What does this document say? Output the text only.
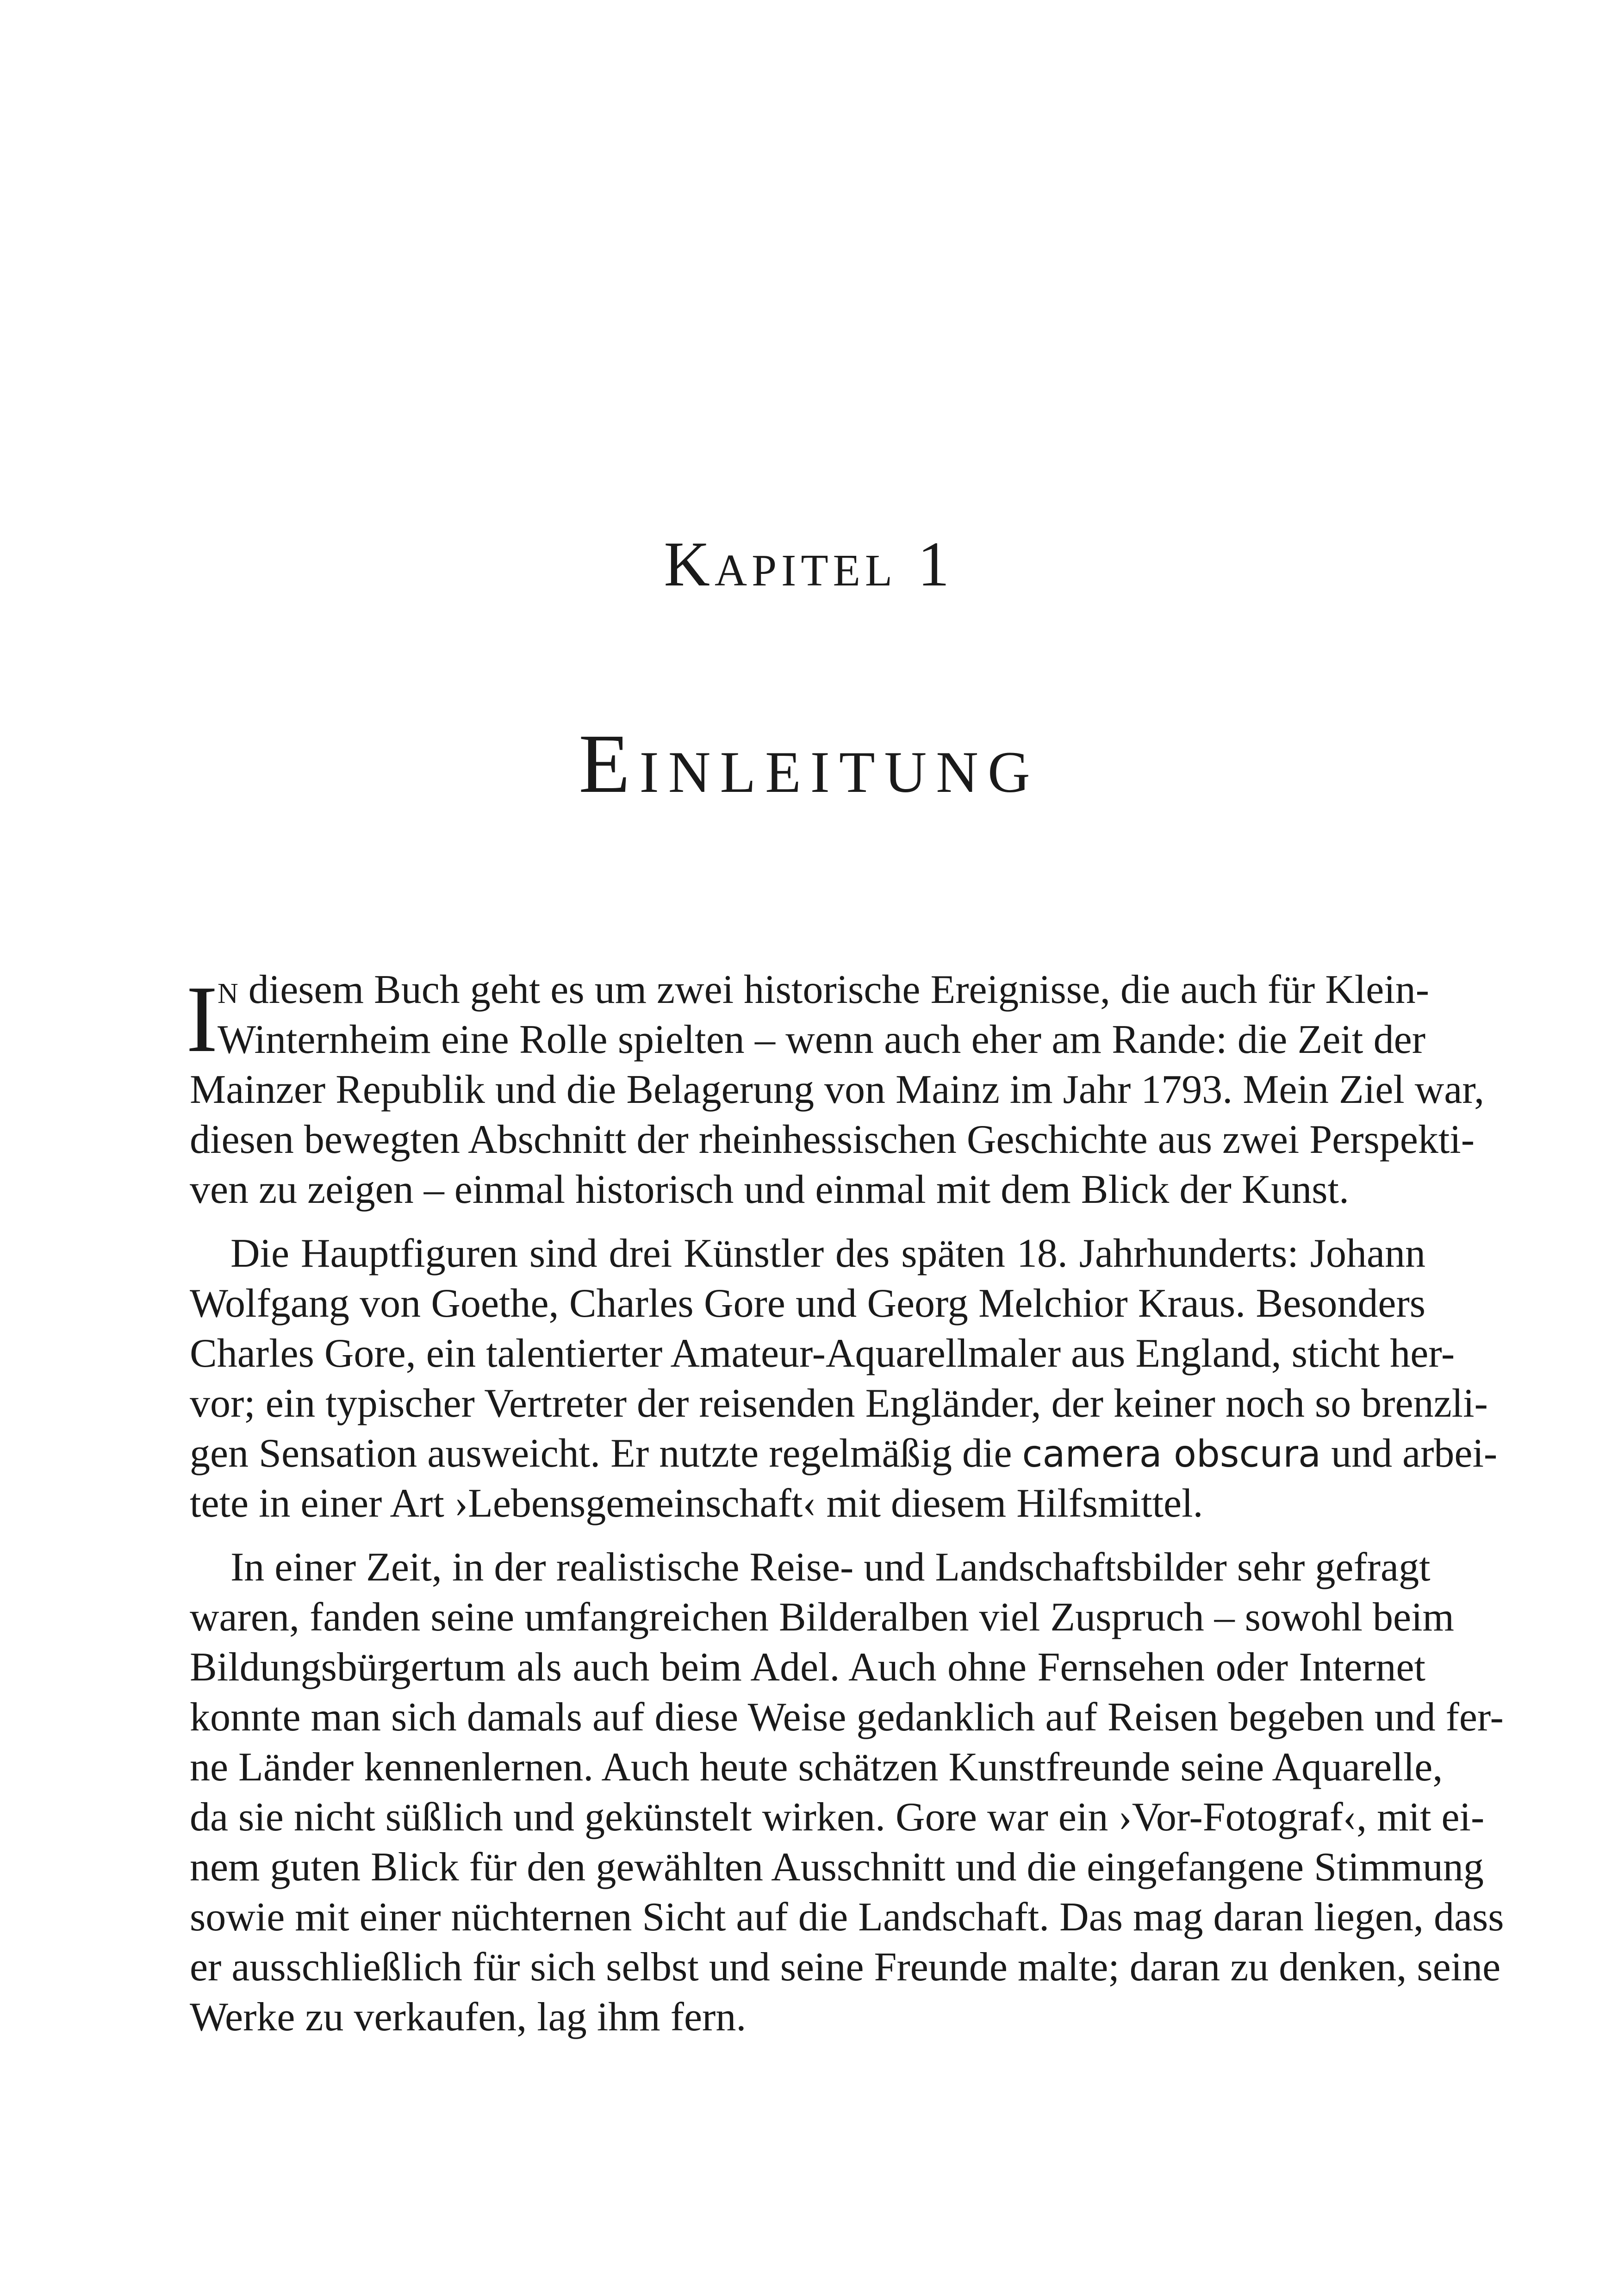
Kapitel 1
Einleitung
I n diesem Buch geht es um zwei historische Ereignisse, die auch für Klein-
Winternheim eine Rolle spielten – wenn auch eher am Rande: die Zeit der
Mainzer Republik und die Belagerung von Mainz im Jahr 1793. Mein Ziel war,
diesen bewegten Abschnitt der rheinhessischen Geschichte aus zwei Perspekti-
ven zu zeigen – einmal historisch und einmal mit dem Blick der Kunst.
Die Hauptfiguren sind drei Künstler des späten 18. Jahrhunderts: Johann
Wolfgang von Goethe, Charles Gore und Georg Melchior Kraus. Besonders
Charles Gore, ein talentierter Amateur-Aquarellmaler aus England, sticht her-
vor; ein typischer Vertreter der reisenden Engländer, der keiner noch so brenzli-
gen Sensation ausweicht. Er nutzte regelmäßig die camera obscura und arbei-
tete in einer Art ›Lebensgemeinschaft‹ mit diesem Hilfsmittel.
In einer Zeit, in der realistische Reise- und Landschaftsbilder sehr gefragt
waren, fanden seine umfangreichen Bilderalben viel Zuspruch – sowohl beim
Bildungsbürgertum als auch beim Adel. Auch ohne Fernsehen oder Internet
konnte man sich damals auf diese Weise gedanklich auf Reisen begeben und fer-
ne Länder kennenlernen. Auch heute schätzen Kunstfreunde seine Aquarelle,
da sie nicht süßlich und gekünstelt wirken. Gore war ein ›Vor-Fotograf‹, mit ei-
nem guten Blick für den gewählten Ausschnitt und die eingefangene Stimmung
sowie mit einer nüchternen Sicht auf die Landschaft. Das mag daran liegen, dass
er ausschließlich für sich selbst und seine Freunde malte; daran zu denken, seine
Werke zu verkaufen, lag ihm fern.
